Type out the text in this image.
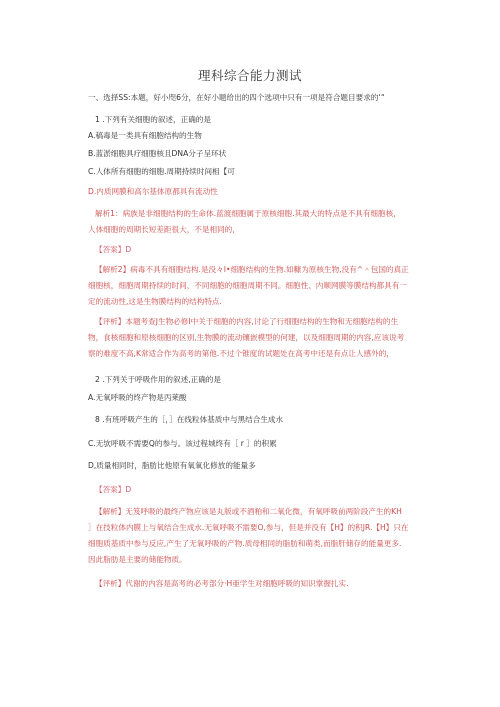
理科综合能力测试
一、选择SS:本题，好小咫6分，在好小题给出的四个选项中只有一项是符合题目要求的‘“
1 .下列有关细胞的叙述，正确的是
A.稿毒是一类具有细胞结构的生物
B.蓝淤细胞具疗细胞核且DNA分子呈环状
C.人体所有细胞的细胞.周期持续时间相【可
D.内质网膜和高尔基体原都具有流动性
解析1：病族是非细胞结构的生命体.蓝渡细胞属于原核细胞.其最大的特点是不具有细胞核，
人体细胞的周期长短差距很大，不是相同的，
【答案】D
【解析2】病毒不具有细胞结构.是没々I•细胞结构的生物.如糠为原核生物,没有^＾包国的真正
细胞核，细胞周期持续的时间，不同细胞的细胞周期不同。细胞性、内顺网膜等膜结构都具有一
定的流动性,这是生物膜结构的结构特点.
【评析】本题考查J生物必修I中关于细胞的内容,讨论了行细胞结构的生物和无细胞结构的生
物，食核细胞和原核细胞的区别,生物膜的流动镶嵌模型的何建，以及细胞周期的内容,应该说考
察的难度不高,K常适合作为高考的第他.不过个锥度的试题处在高考中还是有点让人感外的，
2 .下列关于呼吸作用的叙述,正确的是
A.无氧呼吸的终产物是丙莱酸
8 .有班呼吸产生的［，］在线粒体基质中与黑结合生成水
C.无欤呼吸不需要Q的参与。该过程城终有［ r ］的积累
D,质量相同时，脂肪比他原有氧氧化修放的能量多
【答案】D
【解析】无笈呼吸的最终产物应该是丸版或不酒粕和二氧化微，有氧呼吸前两阶段产生的KH
］在技粒体内膜上与氧结合生成水.无氧呼吸不需要O,参与，但是并没有【H】的积JR.【H】只在
细胞质基质中参与反应,产生了无氧呼吸的产物.质母相同的脂肪和萌类,而脂肝储存的能量更多.
因此脂肪是主要的储能物质。
【评析】代谢的内容是高考的必考部分·Η亜学生对细胞呼吸的知识掌握扎实.
